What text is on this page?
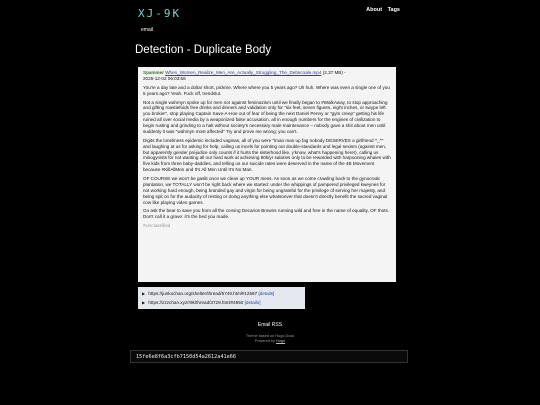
XJ-9K	About Tags
email
Detection - Duplicate Body
Spammer When_Women_Realize_Men_Are_Actually_Struggling_The_Debscoale.mp4 (2.37 MB) -
2025-12-02 06:03:56

You're a day late and a dollar short, pickme. Where where you 5 years ago? Uh huh. Where was even a single one of you 5 years ago? Yeah. Fuck off, trendslut.

Not a single wahmyn spoke up for men nor against feminazism until we finally began to #WalkAway, to stop approaching and gifting roastiefoids free drinks and dinners and validation only for "six feet, seven figures, eight inches, or swype left you brokie!", stop playing Captain Save-A-Hoe out of fear of being the next Daniel Penny or "gym creep" getting his life ruined all over social media by a weaponized false accusation, all in enough numbers for the engines of civilization to begin rusting and grinding to a halt without society's necessary male maintenance – nobody gave a shit about men until suddenly it was "wahmyn most affected" Try and prove me wrong; you can't.

Digits the loneliness epidemic included vaginas, all of you were "lmao man up fag nobody DESERVES a girlfriend ^_^" and laughing at us for asking for help, calling us incels for pointing out double-standards and legal sexism (against men, but apparently gender prejudice only counts if it hurts the sisterhood like, y'know, what's happening here!), calling us misogynists for not wanting all our hard work at achieving 80k/yr salaries only to be rewarded with harpooning whales with five kids from three baby-daddies, and telling us our suicide rates were deserved in the name of the 4B Movement because #KillAllMen and It's All Men Until It's No Man.

OF COURSE we won't be gaslit once we clean up YOUR mess. As soon as we come crawling back to the gynocratic plantation, we TOTALLY won't be right back where we started: under the whippings of pampered privileged kweynes for not working hard enough, being branded gay and virgin for being ungrateful for the privilege of serving her majesty, and being spit on for the audacity of resting or doing anything else whatsoever that doesn't directly benefit the sacred vaginal cow like playing video games.

Go ask the bear to save you from all the coming Decarios Browns running wild and free in the name of equality, OF thots. Don't call it a grave: it's the bed you made.

#Unclassified
▶ https://junkuchan.org/shelter/thread/5749.html#12597 [details]
▶ https://zzzchan.xyz/r9k/thread/3729.html#4950 [details]
Email RSS
Theme based on Hugo Dusk
Powered by Hugo
15fe6e8f6a3cfb7150d54a2612a41e66
